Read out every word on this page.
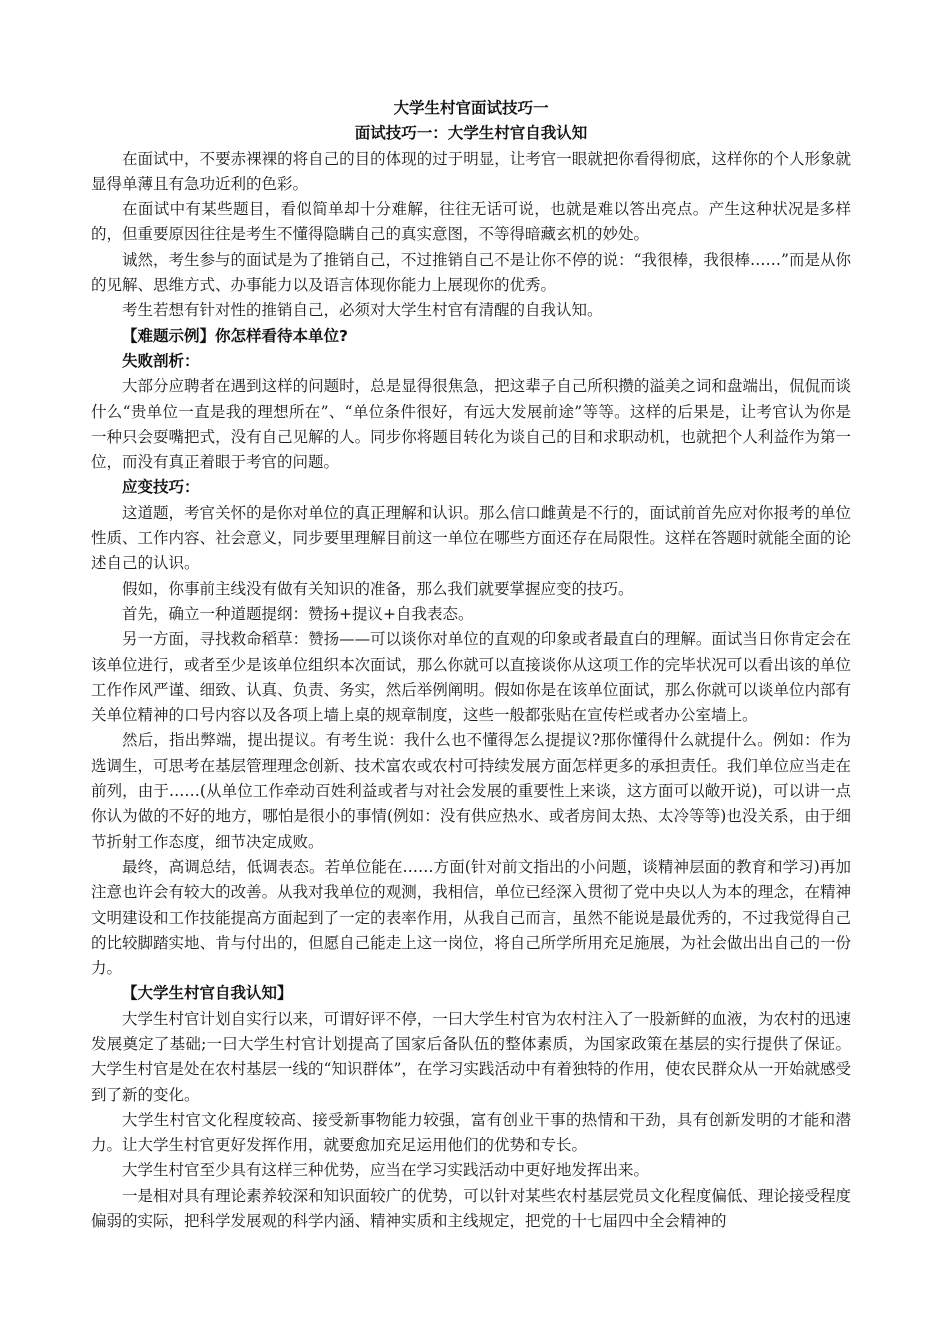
大学生村官面试技巧一

面试技巧一：大学生村官自我认知

在面试中，不要赤裸裸的将自己的目的体现的过于明显，让考官一眼就把你看得彻底，这样你的个人形象就显得单薄且有急功近利的色彩。

在面试中有某些题目，看似简单却十分难解，往往无话可说，也就是难以答出亮点。产生这种状况是多样的，但重要原因往往是考生不懂得隐瞒自己的真实意图，不等得暗藏玄机的妙处。

诚然，考生参与的面试是为了推销自己，不过推销自己不是让你不停的说：“我很棒，我很棒……”而是从你的见解、思维方式、办事能力以及语言体现你能力上展现你的优秀。

考生若想有针对性的推销自己，必须对大学生村官有清醒的自我认知。

【难题示例】你怎样看待本单位?

失败剖析：

大部分应聘者在遇到这样的问题时，总是显得很焦急，把这辈子自己所积攒的溢美之词和盘端出，侃侃而谈什么“贵单位一直是我的理想所在”、“单位条件很好，有远大发展前途”等等。这样的后果是，让考官认为你是一种只会耍嘴把式，没有自己见解的人。同步你将题目转化为谈自己的目和求职动机，也就把个人利益作为第一位，而没有真正着眼于考官的问题。

应变技巧：

这道题，考官关怀的是你对单位的真正理解和认识。那么信口雌黄是不行的，面试前首先应对你报考的单位性质、工作内容、社会意义，同步要里理解目前这一单位在哪些方面还存在局限性。这样在答题时就能全面的论述自己的认识。

假如，你事前主线没有做有关知识的准备，那么我们就要掌握应变的技巧。

首先，确立一种道题提纲：赞扬+提议+自我表态。

另一方面，寻找救命稻草：赞扬——可以谈你对单位的直观的印象或者最直白的理解。面试当日你肯定会在该单位进行，或者至少是该单位组织本次面试，那么你就可以直接谈你从这项工作的完毕状况可以看出该的单位工作作风严谨、细致、认真、负责、务实，然后举例阐明。假如你是在该单位面试，那么你就可以谈单位内部有关单位精神的口号内容以及各项上墙上桌的规章制度，这些一般都张贴在宣传栏或者办公室墙上。

然后，指出弊端，提出提议。有考生说：我什么也不懂得怎么提提议?那你懂得什么就提什么。例如：作为选调生，可思考在基层管理理念创新、技术富农或农村可持续发展方面怎样更多的承担责任。我们单位应当走在前列，由于……(从单位工作牵动百姓利益或者与对社会发展的重要性上来谈，这方面可以敞开说)，可以讲一点你认为做的不好的地方，哪怕是很小的事情(例如：没有供应热水、或者房间太热、太冷等等)也没关系，由于细节折射工作态度，细节决定成败。

最终，高调总结，低调表态。若单位能在……方面(针对前文指出的小问题，谈精神层面的教育和学习)再加注意也许会有较大的改善。从我对我单位的观测，我相信，单位已经深入贯彻了党中央以人为本的理念，在精神文明建设和工作技能提高方面起到了一定的表率作用，从我自己而言，虽然不能说是最优秀的，不过我觉得自己的比较脚踏实地、肯与付出的，但愿自己能走上这一岗位，将自己所学所用充足施展，为社会做出出自己的一份力。

【大学生村官自我认知】

大学生村官计划自实行以来，可谓好评不停，一曰大学生村官为农村注入了一股新鲜的血液，为农村的迅速发展奠定了基础;一曰大学生村官计划提高了国家后备队伍的整体素质，为国家政策在基层的实行提供了保证。大学生村官是处在农村基层一线的“知识群体”，在学习实践活动中有着独特的作用，使农民群众从一开始就感受到了新的变化。

大学生村官文化程度较高、接受新事物能力较强，富有创业干事的热情和干劲，具有创新发明的才能和潜力。让大学生村官更好发挥作用，就要愈加充足运用他们的优势和专长。

大学生村官至少具有这样三种优势，应当在学习实践活动中更好地发挥出来。

一是相对具有理论素养较深和知识面较广的优势，可以针对某些农村基层党员文化程度偏低、理论接受程度偏弱的实际，把科学发展观的科学内涵、精神实质和主线规定，把党的十七届四中全会精神的
